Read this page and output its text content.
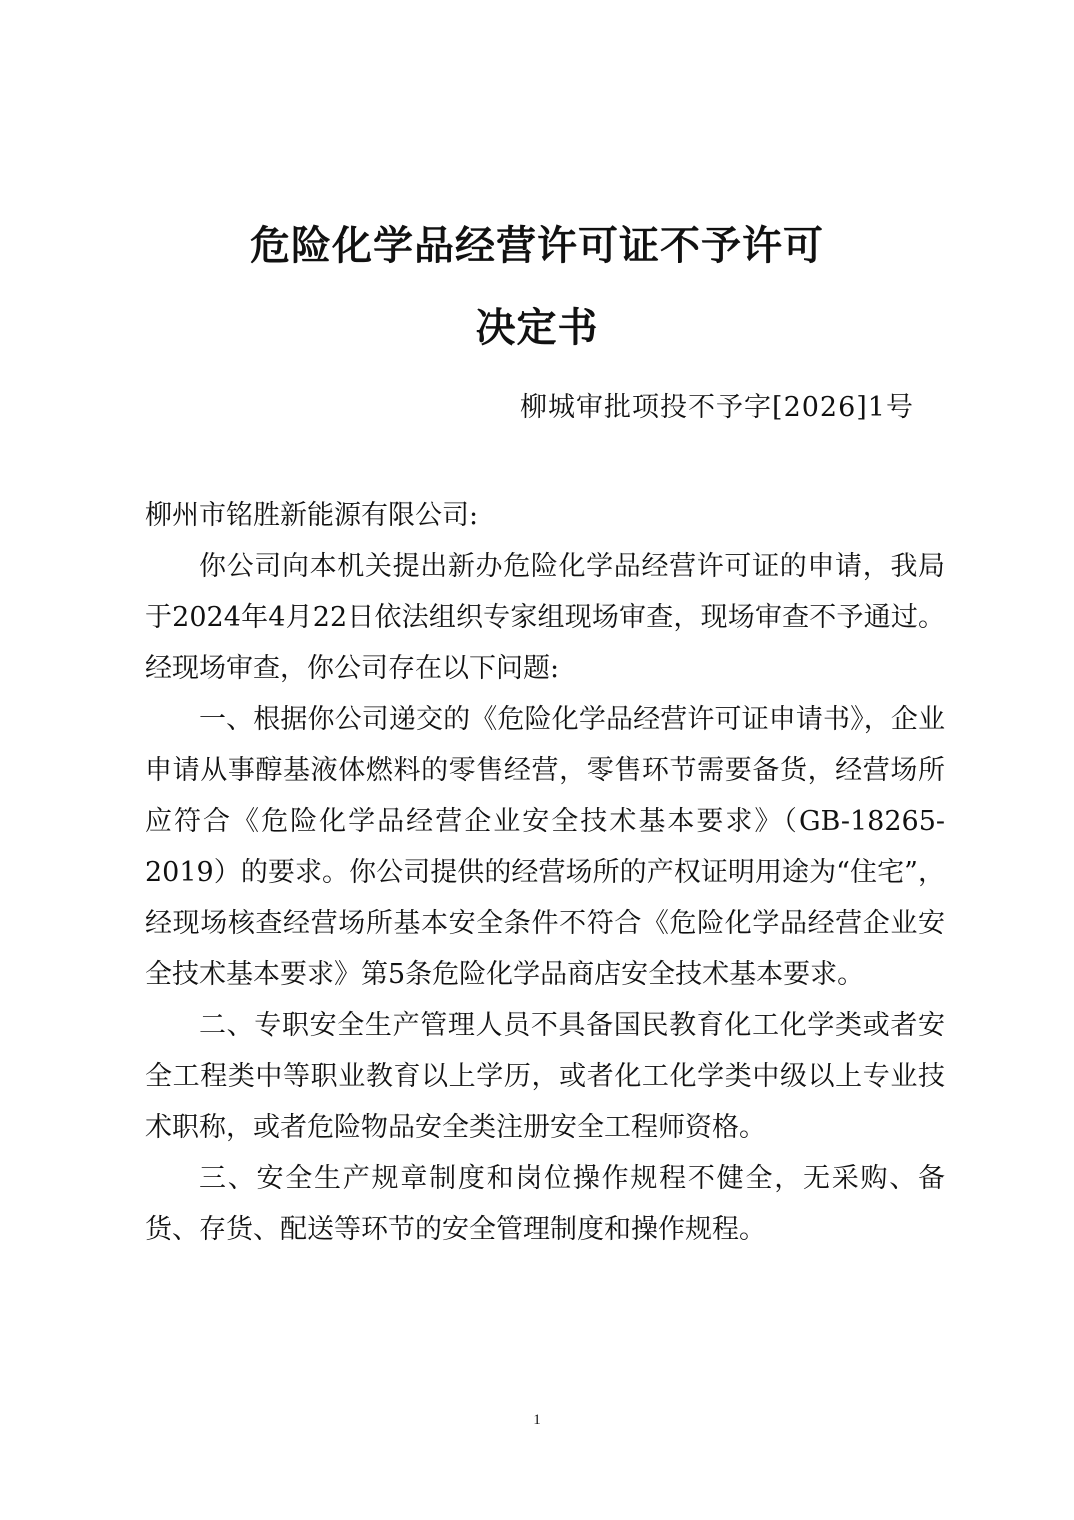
危险化学品经营许可证不予许可
决定书
柳城审批项投不予字[2026]1号

柳州市铭胜新能源有限公司:

你公司向本机关提出新办危险化学品经营许可证的申请，我局于2024年4月22日依法组织专家组现场审查，现场审查不予通过。经现场审查，你公司存在以下问题:

一、根据你公司递交的《危险化学品经营许可证申请书》，企业申请从事醇基液体燃料的零售经营，零售环节需要备货，经营场所应符合《危险化学品经营企业安全技术基本要求》（GB-18265-2019）的要求。你公司提供的经营场所的产权证明用途为“住宅”，经现场核查经营场所基本安全条件不符合《危险化学品经营企业安全技术基本要求》第5条危险化学品商店安全技术基本要求。

二、专职安全生产管理人员不具备国民教育化工化学类或者安全工程类中等职业教育以上学历，或者化工化学类中级以上专业技术职称，或者危险物品安全类注册安全工程师资格。

三、安全生产规章制度和岗位操作规程不健全，无采购、备货、存货、配送等环节的安全管理制度和操作规程。

1
